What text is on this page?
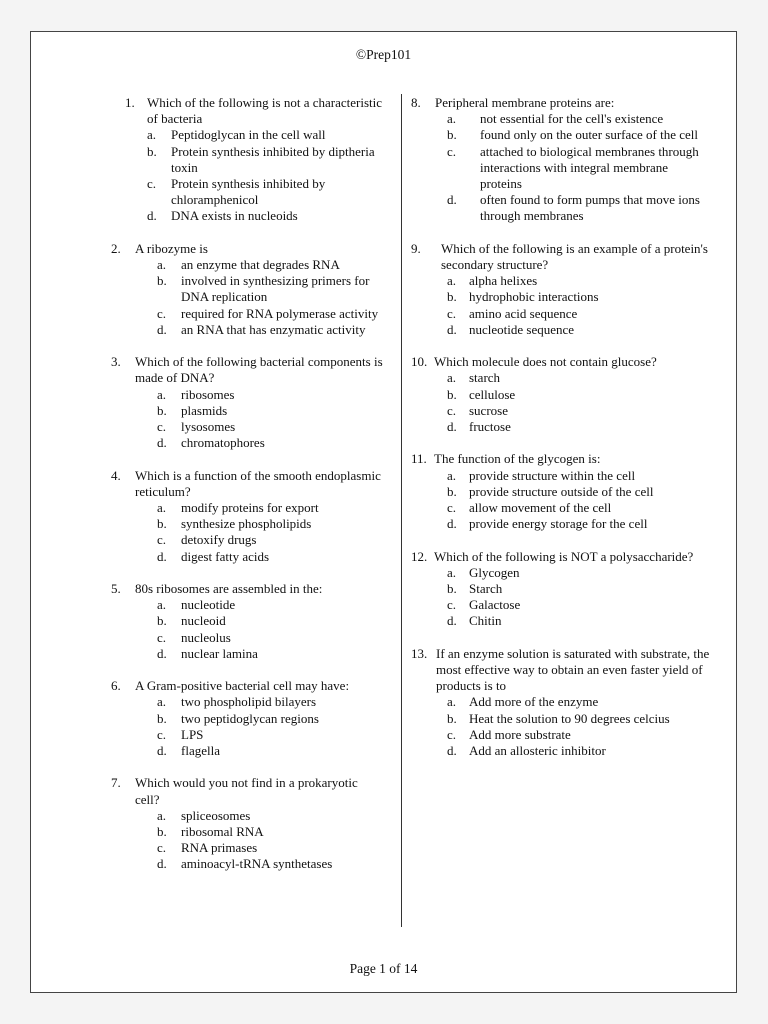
©Prep101
1. Which of the following is not a characteristic of bacteria
a.	Peptidoglycan in the cell wall
b.	Protein synthesis inhibited by diptheria toxin
c.	Protein synthesis inhibited by chloramphenicol
d.	DNA exists in nucleoids
2.	A ribozyme is
a.	an enzyme that degrades RNA
b.	involved in synthesizing primers for DNA replication
c.	required for RNA polymerase activity
d.	an RNA that has enzymatic activity
3.	Which of the following bacterial components is made of DNA?
a.	ribosomes
b.	plasmids
c.	lysosomes
d.	chromatophores
4.	Which is a function of the smooth endoplasmic reticulum?
a.	modify proteins for export
b.	synthesize phospholipids
c.	detoxify drugs
d.	digest fatty acids
5.	80s ribosomes are assembled in the:
a.	nucleotide
b.	nucleoid
c.	nucleolus
d.	nuclear lamina
6.	A Gram-positive bacterial cell may have:
a.	two phospholipid bilayers
b.	two peptidoglycan regions
c.	LPS
d.	flagella
7.	Which would you not find in a prokaryotic cell?
a.	spliceosomes
b.	ribosomal RNA
c.	RNA primases
d.	aminoacyl-tRNA synthetases
8.	Peripheral membrane proteins are:
a.	not essential for the cell's existence
b.	found only on the outer surface of the cell
c.	attached to biological membranes through interactions with integral membrane proteins
d.	often found to form pumps that move ions through membranes
9.	Which of the following is an example of a protein's secondary structure?
a. alpha helixes
b. hydrophobic interactions
c. amino acid sequence
d. nucleotide sequence
10. Which molecule does not contain glucose?
a. starch
b. cellulose
c. sucrose
d. fructose
11. The function of the glycogen is:
a. provide structure within the cell
b. provide structure outside of the cell
c. allow movement of the cell
d. provide energy storage for the cell
12. Which of the following is NOT a polysaccharide?
a. Glycogen
b. Starch
c. Galactose
d. Chitin
13. If an enzyme solution is saturated with substrate, the most effective way to obtain an even faster yield of products is to
a. Add more of the enzyme
b. Heat the solution to 90 degrees celcius
c. Add more substrate
d. Add an allosteric inhibitor
Page 1 of 14
